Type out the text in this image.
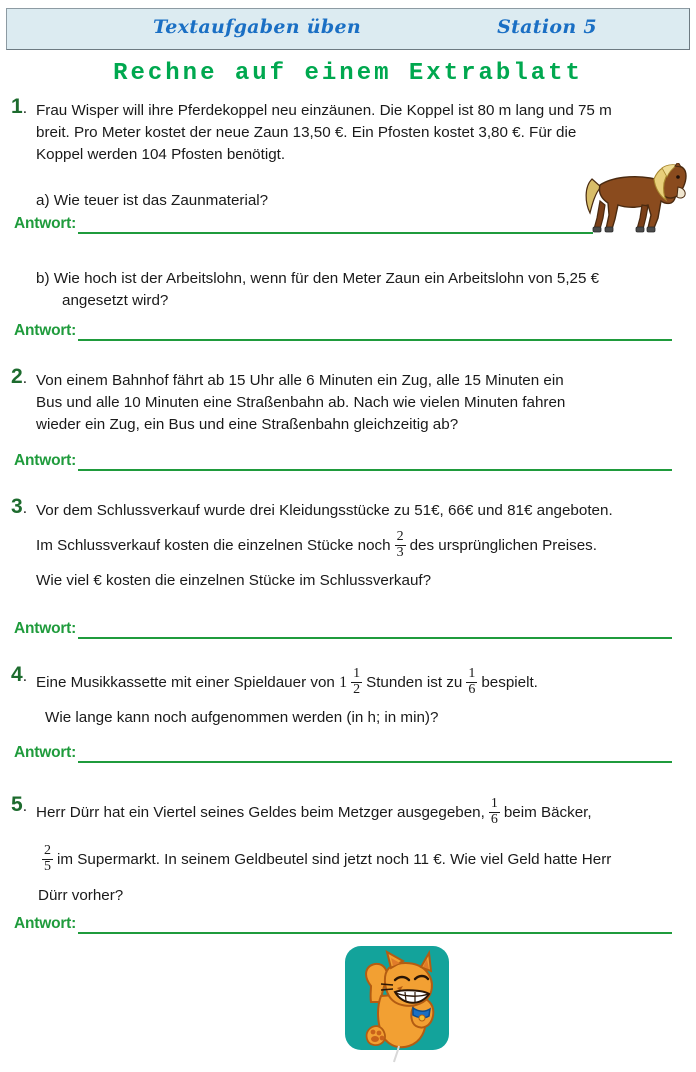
Textaufgaben üben	Station 5
Rechne auf einem Extrablatt
1. Frau Wisper will ihre Pferdekoppel neu einzäunen. Die Koppel ist 80 m lang und 75 m

breit. Pro Meter kostet der neue Zaun 13,50 €. Ein Pfosten kostet 3,80 €. Für die

Koppel werden 104 Pfosten benötigt.

a) Wie teuer ist das Zaunmaterial?
Antwort:
b) Wie hoch ist der Arbeitslohn, wenn für den Meter Zaun ein Arbeitslohn von 5,25 €
angesetzt wird?
Antwort:
2. Von einem Bahnhof fährt ab 15 Uhr alle 6 Minuten ein Zug, alle 15 Minuten ein

Bus und alle 10 Minuten eine Straßenbahn ab. Nach wie vielen Minuten fahren

wieder ein Zug, ein Bus und eine Straßenbahn gleichzeitig ab?

Antwort:
3. Vor dem Schlussverkauf wurde drei Kleidungsstücke zu 51€, 66€ und 81€ angeboten.

Im Schlussverkauf kosten die einzelnen Stücke noch $\frac{2}{3}$ des ursprünglichen Preises.

Wie viel € kosten die einzelnen Stücke im Schlussverkauf?

Antwort:
4. Eine Musikkassette mit einer Spieldauer von $1 \frac{1}{2}$ Stunden ist zu $\frac{1}{6}$ bespielt.

Wie lange kann noch aufgenommen werden (in h; in min)?

Antwort:
5. Herr Dürr hat ein Viertel seines Geldes beim Metzger ausgegeben, $\frac{1}{6}$ beim Bäcker,

$\frac{2}{5}$ im Supermarkt. In seinem Geldbeutel sind jetzt noch 11 €. Wie viel Geld hatte Herr

Dürr vorher?

Antwort:
